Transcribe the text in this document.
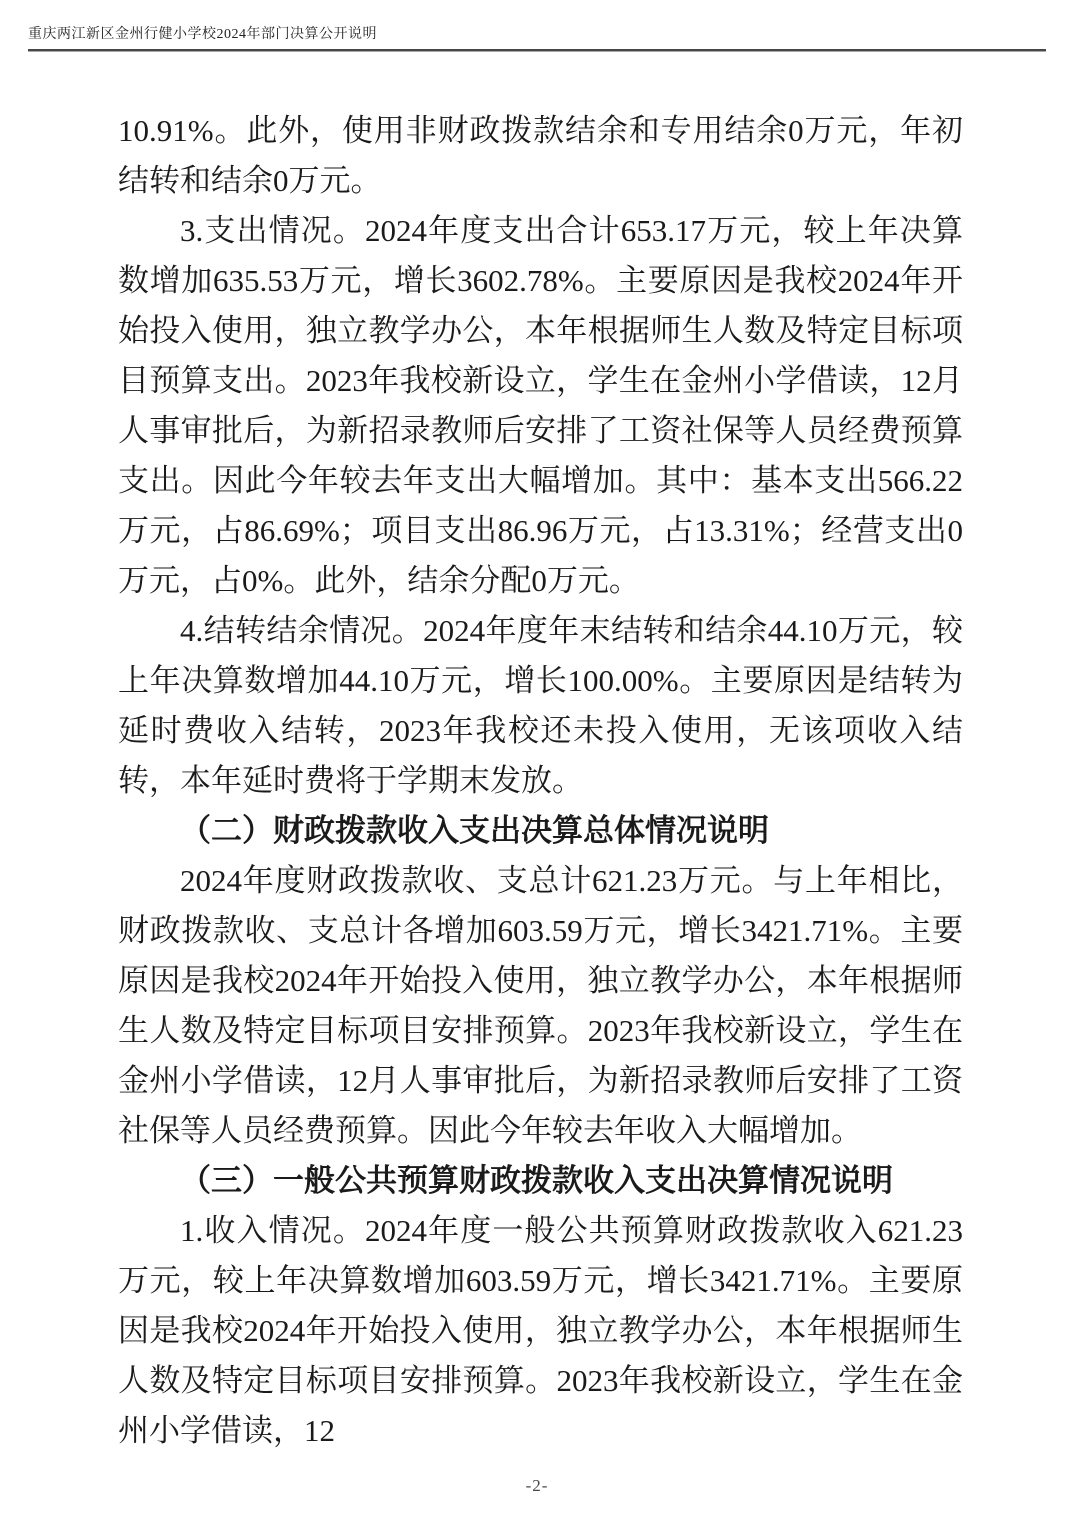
重庆两江新区金州行健小学校2024年部门决算公开说明

10.91%。此外，使用非财政拨款结余和专用结余0万元，年初结转和结余0万元。

3.支出情况。2024年度支出合计653.17万元，较上年决算数增加635.53万元，增长3602.78%。主要原因是我校2024年开始投入使用，独立教学办公，本年根据师生人数及特定目标项目预算支出。2023年我校新设立，学生在金州小学借读，12月人事审批后，为新招录教师后安排了工资社保等人员经费预算支出。因此今年较去年支出大幅增加。其中：基本支出566.22万元，占86.69%；项目支出86.96万元，占13.31%；经营支出0万元，占0%。此外，结余分配0万元。

4.结转结余情况。2024年度年末结转和结余44.10万元，较上年决算数增加44.10万元，增长100.00%。主要原因是结转为延时费收入结转，2023年我校还未投入使用，无该项收入结转，本年延时费将于学期末发放。

（二）财政拨款收入支出决算总体情况说明

2024年度财政拨款收、支总计621.23万元。与上年相比，财政拨款收、支总计各增加603.59万元，增长3421.71%。主要原因是我校2024年开始投入使用，独立教学办公，本年根据师生人数及特定目标项目安排预算。2023年我校新设立，学生在金州小学借读，12月人事审批后，为新招录教师后安排了工资社保等人员经费预算。因此今年较去年收入大幅增加。

（三）一般公共预算财政拨款收入支出决算情况说明

1.收入情况。2024年度一般公共预算财政拨款收入621.23万元，较上年决算数增加603.59万元，增长3421.71%。主要原因是我校2024年开始投入使用，独立教学办公，本年根据师生人数及特定目标项目安排预算。2023年我校新设立，学生在金州小学借读，12

-2-
